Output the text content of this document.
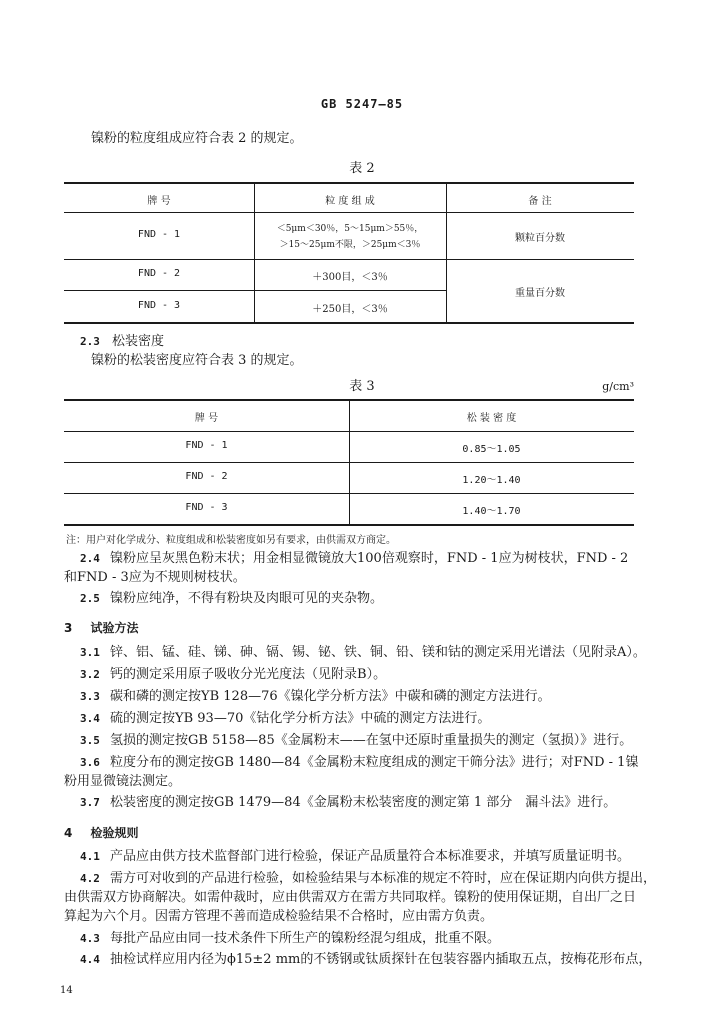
GB 5247—85
镍粉的粒度组成应符合表 2 的规定。
表 2
牌 号	粒 度 组 成	备 注
FND - 1	＜5μm＜30％，5～15μm＞55％，
＞15～25μm不限，＞25μm＜3％
颗粒百分数
FND - 2	＋300目，＜3％
重量百分数
FND - 3	＋250目，＜3％
2.3 松装密度
镍粉的松装密度应符合表 3 的规定。
表 3	g/cm³
牌 号	松 装 密 度
FND - 1	0.85～1.05
FND - 2	1.20～1.40
FND - 3	1.40～1.70
注：用户对化学成分、粒度组成和松装密度如另有要求，由供需双方商定。
2.4 镍粉应呈灰黑色粉末状；用金相显微镜放大100倍观察时，FND - 1应为树枝状，FND - 2
和FND - 3应为不规则树枝状。
2.5 镍粉应纯净，不得有粉块及肉眼可见的夹杂物。
3 试验方法
3.1 锌、铝、锰、硅、锑、砷、镉、锡、铋、铁、铜、铅、镁和钴的测定采用光谱法（见附录A）。
3.2 钙的测定采用原子吸收分光光度法（见附录B）。
3.3 碳和磷的测定按YB 128—76《镍化学分析方法》中碳和磷的测定方法进行。
3.4 硫的测定按YB 93—70《钴化学分析方法》中硫的测定方法进行。
3.5 氢损的测定按GB 5158—85《金属粉末——在氢中还原时重量损失的测定（氢损）》进行。
3.6 粒度分布的测定按GB 1480—84《金属粉末粒度组成的测定干筛分法》进行；对FND - 1镍
粉用显微镜法测定。
3.7 松装密度的测定按GB 1479—84《金属粉末松装密度的测定第 1 部分　漏斗法》进行。
4 检验规则
4.1 产品应由供方技术监督部门进行检验，保证产品质量符合本标准要求，并填写质量证明书。
4.2 需方可对收到的产品进行检验，如检验结果与本标准的规定不符时，应在保证期内向供方提出，
由供需双方协商解决。如需仲裁时，应由供需双方在需方共同取样。镍粉的使用保证期，自出厂之日
算起为六个月。因需方管理不善而造成检验结果不合格时，应由需方负责。
4.3 每批产品应由同一技术条件下所生产的镍粉经混匀组成，批重不限。
4.4 抽检试样应用内径为ϕ15±2 mm的不锈钢或钛质探针在包装容器内插取五点，按梅花形布点，
14
